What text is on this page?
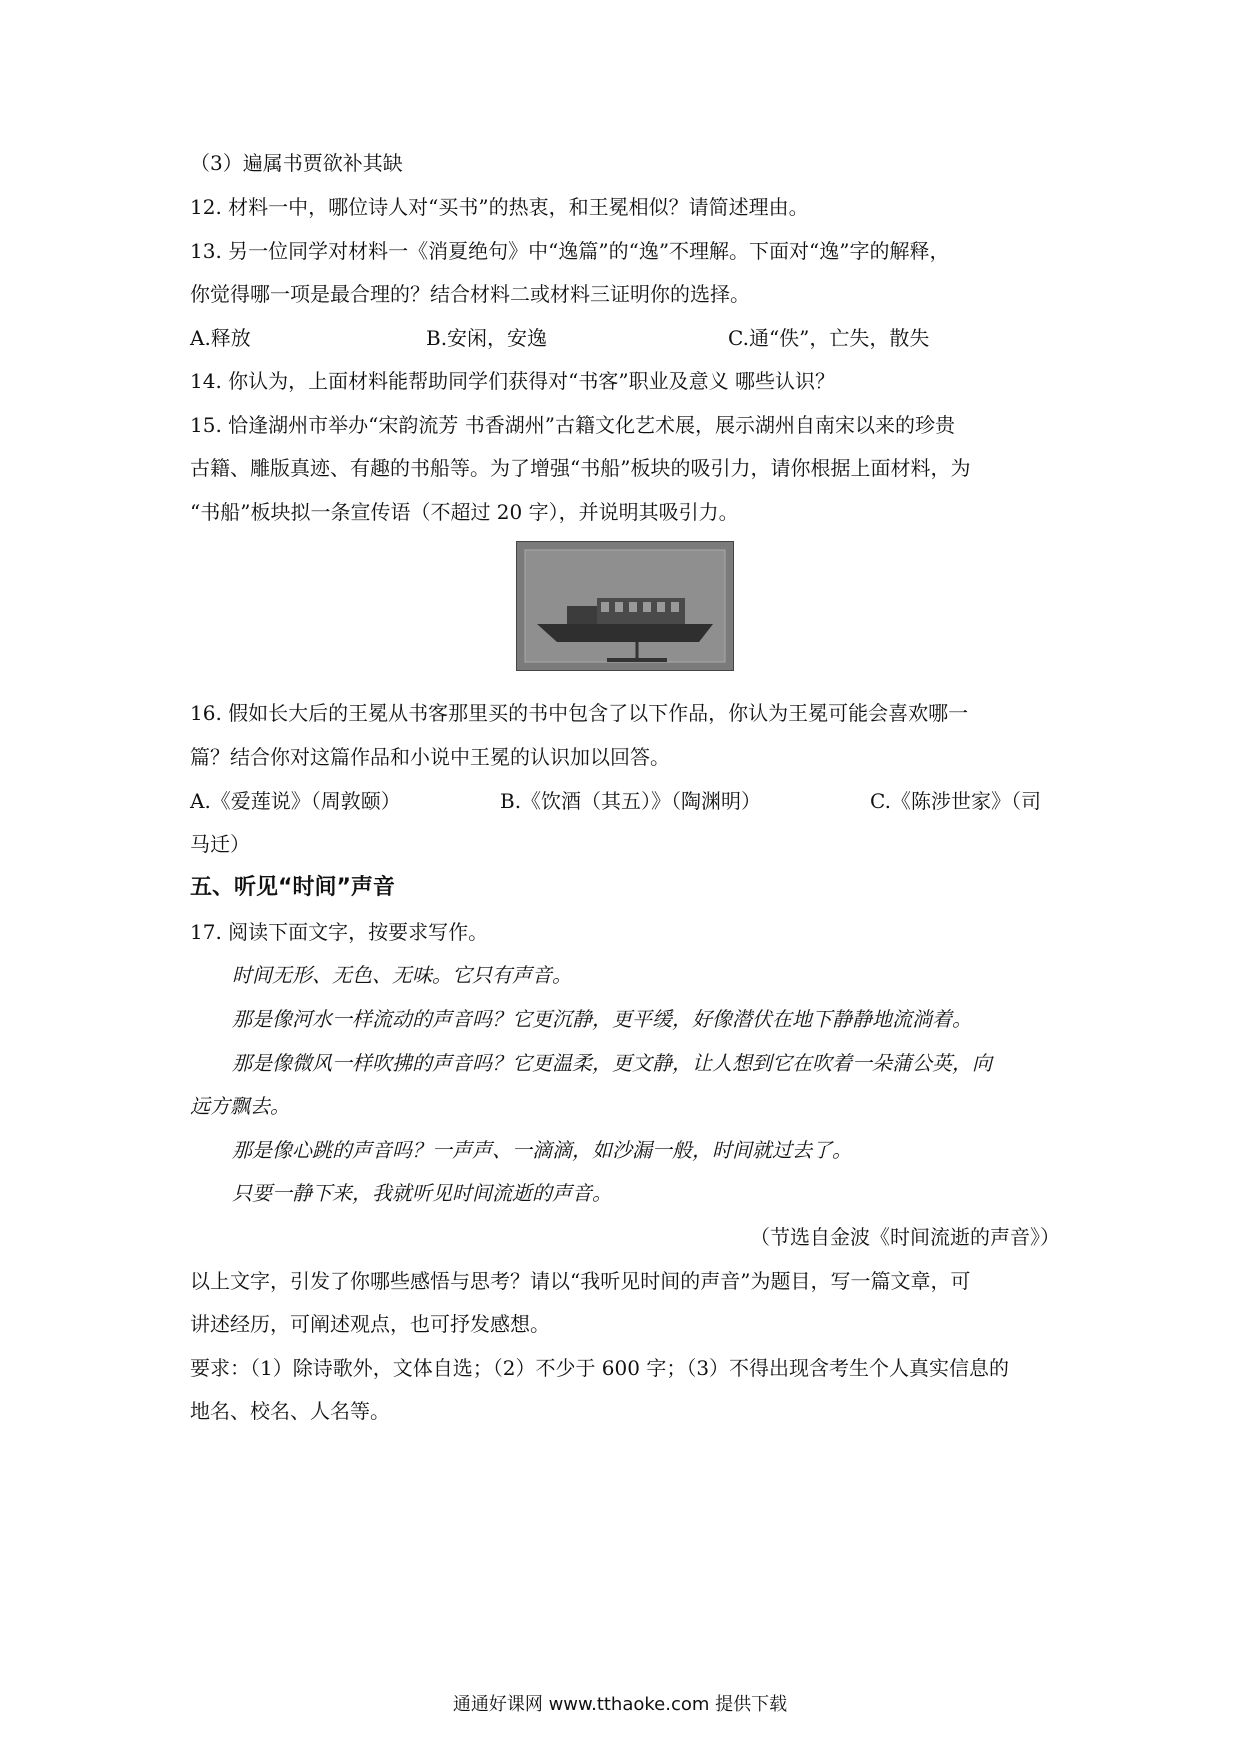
（3）遍属书贾欲补其缺
12. 材料一中，哪位诗人对“买书”的热衷，和王冕相似？请简述理由。
13. 另一位同学对材料一《消夏绝句》中“逸篇”的“逸”不理解。下面对“逸”字的解释，
你觉得哪一项是最合理的？结合材料二或材料三证明你的选择。
A.释放	B.安闲，安逸	C.通“佚”，亡失，散失
14. 你认为，上面材料能帮助同学们获得对“书客”职业及意义 哪些认识？
15. 恰逢湖州市举办“宋韵流芳 书香湖州”古籍文化艺术展，展示湖州自南宋以来的珍贵
古籍、雕版真迹、有趣的书船等。为了增强“书船”板块的吸引力，请你根据上面材料，为
“书船”板块拟一条宣传语（不超过 20 字），并说明其吸引力。
16. 假如长大后的王冕从书客那里买的书中包含了以下作品，你认为王冕可能会喜欢哪一
篇？结合你对这篇作品和小说中王冕的认识加以回答。
A.《爱莲说》（周敦颐）	B.《饮酒（其五）》（陶渊明）	C.《陈涉世家》（司
马迁）
五、听见“时间”声音
17. 阅读下面文字，按要求写作。
时间无形、无色、无味。它只有声音。
那是像河水一样流动的声音吗？它更沉静，更平缓，好像潜伏在地下静静地流淌着。
那是像微风一样吹拂的声音吗？它更温柔，更文静，让人想到它在吹着一朵蒲公英，向
远方飘去。
那是像心跳的声音吗？一声声、一滴滴，如沙漏一般，时间就过去了。
只要一静下来，我就听见时间流逝的声音。
（节选自金波《时间流逝的声音》）
以上文字，引发了你哪些感悟与思考？请以“我听见时间的声音”为题目，写一篇文章，可
讲述经历，可阐述观点，也可抒发感想。
要求：（1）除诗歌外，文体自选；（2）不少于 600 字；（3）不得出现含考生个人真实信息的
地名、校名、人名等。
通通好课网 www.tthaoke.com 提供下载
